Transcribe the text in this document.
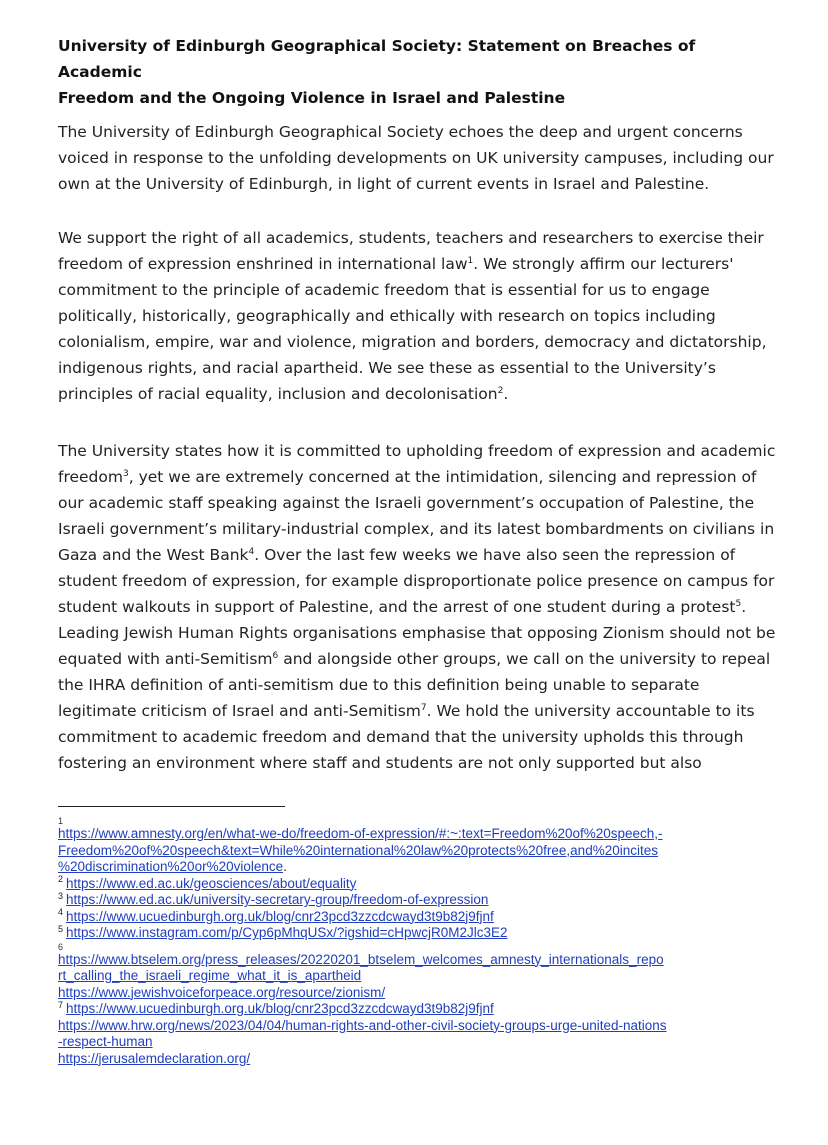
University of Edinburgh Geographical Society: Statement on Breaches of Academic
Freedom and the Ongoing Violence in Israel and Palestine

The University of Edinburgh Geographical Society echoes the deep and urgent concerns
voiced in response to the unfolding developments on UK university campuses, including our
own at the University of Edinburgh, in light of current events in Israel and Palestine.

We support the right of all academics, students, teachers and researchers to exercise their
freedom of expression enshrined in international law$^1$. We strongly affirm our lecturers'
commitment to the principle of academic freedom that is essential for us to engage
politically, historically, geographically and ethically with research on topics including
colonialism, empire, war and violence, migration and borders, democracy and dictatorship,
indigenous rights, and racial apartheid. We see these as essential to the University’s
principles of racial equality, inclusion and decolonisation$^2$.

The University states how it is committed to upholding freedom of expression and academic
freedom$^3$, yet we are extremely concerned at the intimidation, silencing and repression of
our academic staff speaking against the Israeli government’s occupation of Palestine, the
Israeli government’s military-industrial complex, and its latest bombardments on civilians in
Gaza and the West Bank$^4$. Over the last few weeks we have also seen the repression of
student freedom of expression, for example disproportionate police presence on campus for
student walkouts in support of Palestine, and the arrest of one student during a protest$^5$.
Leading Jewish Human Rights organisations emphasise that opposing Zionism should not be
equated with anti-Semitism$^6$ and alongside other groups, we call on the university to repeal
the IHRA definition of anti-semitism due to this definition being unable to separate
legitimate criticism of Israel and anti-Semitism$^7$. We hold the university accountable to its
commitment to academic freedom and demand that the university upholds this through
fostering an environment where staff and students are not only supported but also

1
https://www.amnesty.org/en/what-we-do/freedom-of-expression/#:~:text=Freedom%20of%20speech,-
Freedom%20of%20speech&text=While%20international%20law%20protects%20free,and%20incites
%20discrimination%20or%20violence.
$^2$ https://www.ed.ac.uk/geosciences/about/equality
$^3$ https://www.ed.ac.uk/university-secretary-group/freedom-of-expression
$^4$ https://www.ucuedinburgh.org.uk/blog/cnr23pcd3zzcdcwayd3t9b82j9fjnf
$^5$ https://www.instagram.com/p/Cyp6pMhqUSx/?igshid=cHpwcjR0M2Jlc3E2
6
https://www.btselem.org/press_releases/20220201_btselem_welcomes_amnesty_internationals_repo
rt_calling_the_israeli_regime_what_it_is_apartheid
https://www.jewishvoiceforpeace.org/resource/zionism/
$^7$ https://www.ucuedinburgh.org.uk/blog/cnr23pcd3zzcdcwayd3t9b82j9fjnf
https://www.hrw.org/news/2023/04/04/human-rights-and-other-civil-society-groups-urge-united-nations
-respect-human
https://jerusalemdeclaration.org/
